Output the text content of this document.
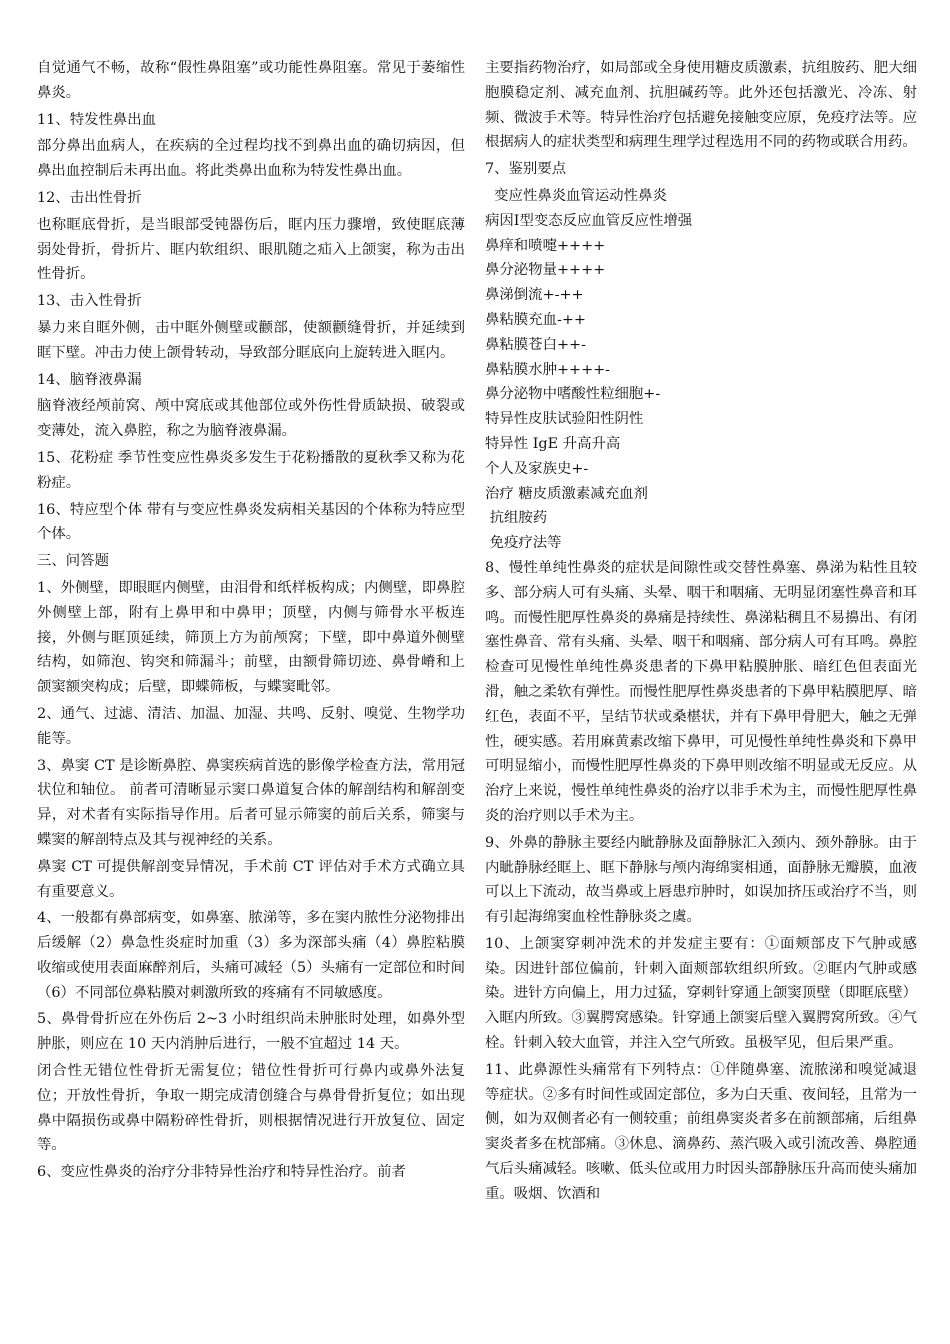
自觉通气不畅，故称“假性鼻阻塞”或功能性鼻阻塞。常见于萎缩性鼻炎。

11、特发性鼻出血

部分鼻出血病人，在疾病的全过程均找不到鼻出血的确切病因，但鼻出血控制后未再出血。将此类鼻出血称为特发性鼻出血。

12、击出性骨折

也称眶底骨折，是当眼部受钝器伤后，眶内压力骤增，致使眶底薄弱处骨折，骨折片、眶内软组织、眼肌随之疝入上颌窦，称为击出性骨折。

13、击入性骨折

暴力来自眶外侧，击中眶外侧壁或颧部，使额颧缝骨折，并延续到眶下壁。冲击力使上颌骨转动，导致部分眶底向上旋转进入眶内。

14、脑脊液鼻漏

脑脊液经颅前窝、颅中窝底或其他部位或外伤性骨质缺损、破裂或变薄处，流入鼻腔，称之为脑脊液鼻漏。

15、花粉症 季节性变应性鼻炎多发生于花粉播散的夏秋季又称为花粉症。

16、特应型个体 带有与变应性鼻炎发病相关基因的个体称为特应型个体。

三、问答题

1、外侧壁，即眼眶内侧壁，由泪骨和纸样板构成；内侧壁，即鼻腔外侧壁上部，附有上鼻甲和中鼻甲；顶壁，内侧与筛骨水平板连接，外侧与眶顶延续，筛顶上方为前颅窝；下壁，即中鼻道外侧壁结构，如筛泡、钩突和筛漏斗；前壁，由额骨筛切迹、鼻骨嵴和上颌窦额突构成；后壁，即蝶筛板，与蝶窦毗邻。

2、通气、过滤、清洁、加温、加湿、共鸣、反射、嗅觉、生物学功能等。

3、鼻窦 CT 是诊断鼻腔、鼻窦疾病首选的影像学检查方法，常用冠状位和轴位。 前者可清晰显示窦口鼻道复合体的解剖结构和解剖变异，对术者有实际指导作用。后者可显示筛窦的前后关系，筛窦与蝶窦的解剖特点及其与视神经的关系。

鼻窦 CT 可提供解剖变异情况，手术前 CT 评估对手术方式确立具有重要意义。

4、一般都有鼻部病变，如鼻塞、脓涕等，多在窦内脓性分泌物排出后缓解（2）鼻急性炎症时加重（3）多为深部头痛（4）鼻腔粘膜收缩或使用表面麻醉剂后，头痛可减轻（5）头痛有一定部位和时间 （6）不同部位鼻粘膜对刺激所致的疼痛有不同敏感度。

5、鼻骨骨折应在外伤后 2~3 小时组织尚未肿胀时处理，如鼻外型肿胀，则应在 10 天内消肿后进行，一般不宜超过 14 天。

闭合性无错位性骨折无需复位；错位性骨折可行鼻内或鼻外法复位；开放性骨折，争取一期完成清创缝合与鼻骨骨折复位；如出现鼻中隔损伤或鼻中隔粉碎性骨折，则根据情况进行开放复位、固定等。

6、变应性鼻炎的治疗分非特异性治疗和特异性治疗。前者

主要指药物治疗，如局部或全身使用糖皮质激素，抗组胺药、肥大细胞膜稳定剂、减充血剂、抗胆碱药等。此外还包括激光、冷冻、射频、微波手术等。特异性治疗包括避免接触变应原，免疫疗法等。应根据病人的症状类型和病理生理学过程选用不同的药物或联合用药。

7、鉴别要点

变应性鼻炎血管运动性鼻炎

病因Ⅰ型变态反应血管反应性增强

鼻痒和喷嚏++++

鼻分泌物量++++

鼻涕倒流+-++

鼻粘膜充血-++

鼻粘膜苍白++-

鼻粘膜水肿++++-

鼻分泌物中嗜酸性粒细胞+-

特异性皮肤试验阳性阴性

特异性 IgE 升高升高

个人及家族史+-

治疗 糖皮质激素减充血剂

抗组胺药

免疫疗法等

8、慢性单纯性鼻炎的症状是间隙性或交替性鼻塞、鼻涕为粘性且较多、部分病人可有头痛、头晕、咽干和咽痛、无明显闭塞性鼻音和耳鸣。而慢性肥厚性鼻炎的鼻痛是持续性、鼻涕粘稠且不易擤出、有闭塞性鼻音、常有头痛、头晕、咽干和咽痛、部分病人可有耳鸣。鼻腔检查可见慢性单纯性鼻炎患者的下鼻甲粘膜肿胀、暗红色但表面光滑，触之柔软有弹性。而慢性肥厚性鼻炎患者的下鼻甲粘膜肥厚、暗红色，表面不平，呈结节状或桑椹状，并有下鼻甲骨肥大，触之无弹性，硬实感。若用麻黄素改缩下鼻甲，可见慢性单纯性鼻炎和下鼻甲可明显缩小，而慢性肥厚性鼻炎的下鼻甲则改缩不明显或无反应。从治疗上来说，慢性单纯性鼻炎的治疗以非手术为主，而慢性肥厚性鼻炎的治疗则以手术为主。

9、外鼻的静脉主要经内眦静脉及面静脉汇入颈内、颈外静脉。由于内眦静脉经眶上、眶下静脉与颅内海绵窦相通，面静脉无瓣膜，血液可以上下流动，故当鼻或上唇患疖肿时，如误加挤压或治疗不当，则有引起海绵窦血栓性静脉炎之虞。

10、上颌窦穿刺冲洗术的并发症主要有：①面颊部皮下气肿或感染。因进针部位偏前，针刺入面颊部软组织所致。②眶内气肿或感染。进针方向偏上，用力过猛，穿刺针穿通上颌窦顶壁（即眶底壁）入眶内所致。③翼腭窝感染。针穿通上颌窦后壁入翼腭窝所致。④气栓。针刺入较大血管，并注入空气所致。虽极罕见，但后果严重。

11、此鼻源性头痛常有下列特点：①伴随鼻塞、流脓涕和嗅觉减退等症状。②多有时间性或固定部位，多为白天重、夜间轻，且常为一侧，如为双侧者必有一侧较重；前组鼻窦炎者多在前额部痛，后组鼻窦炎者多在枕部痛。③休息、滴鼻药、蒸汽吸入或引流改善、鼻腔通气后头痛减轻。咳嗽、低头位或用力时因头部静脉压升高而使头痛加重。吸烟、饮酒和
